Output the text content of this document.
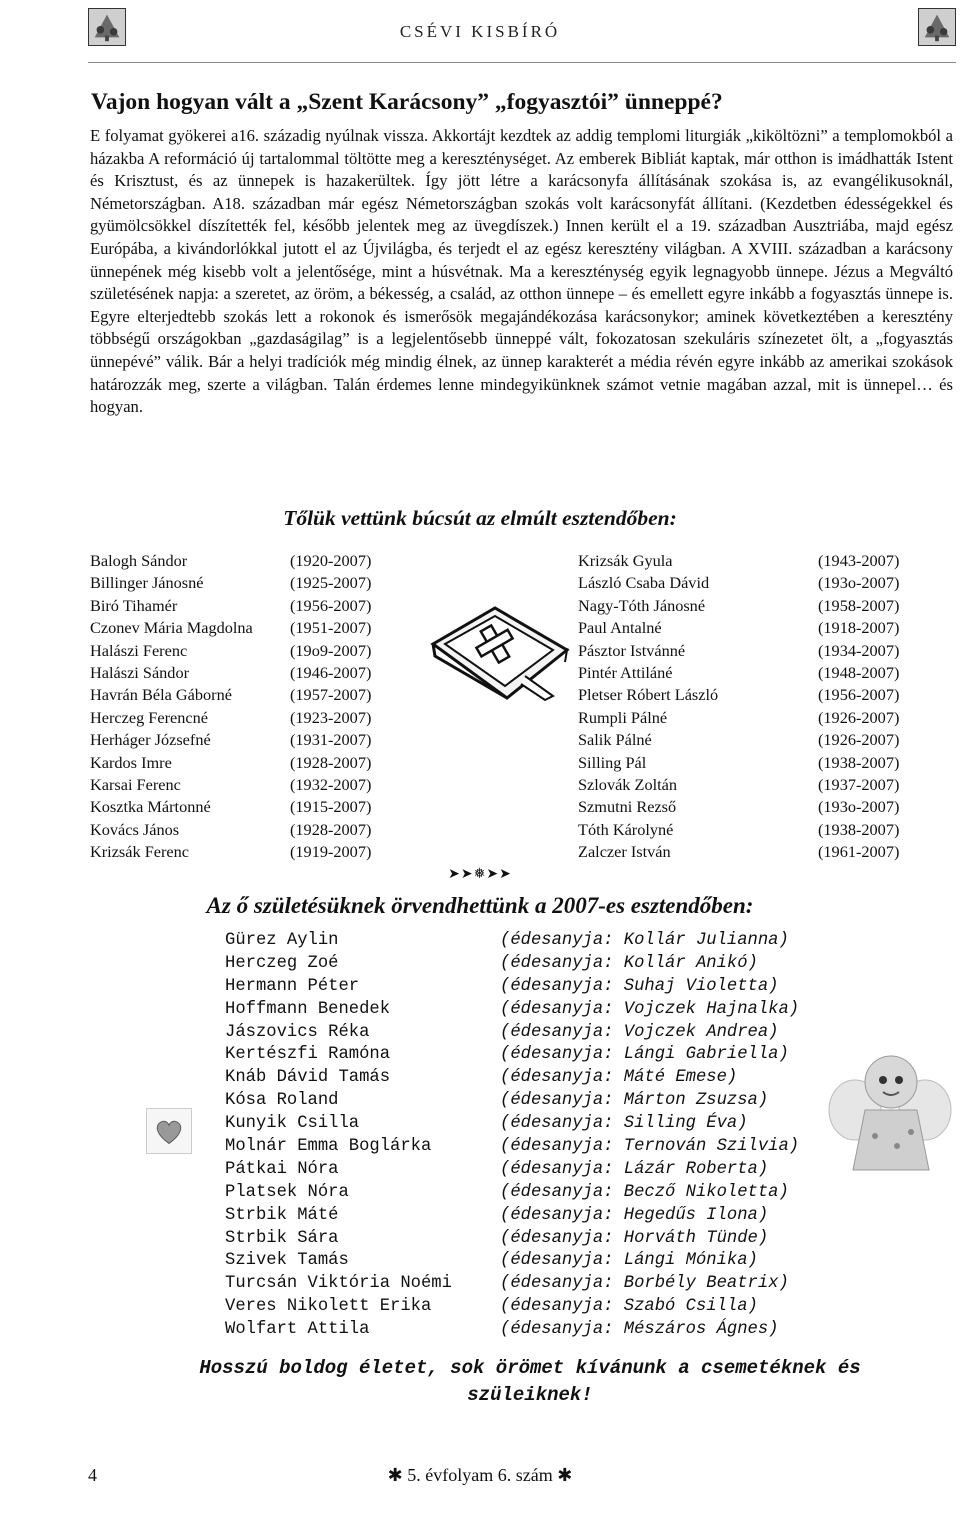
CSÉVI KISBÍRÓ
Vajon hogyan vált a „Szent Karácsony” „fogyasztói” ünneppé?

E folyamat gyökerei a16. századig nyúlnak vissza. Akkortájt kezdtek az addig templomi liturgiák „kiköltözni” a templomokból a házakba A reformáció új tartalommal töltötte meg a kereszténységet. Az emberek Bibliát kaptak, már otthon is imádhatták Istent és Krisztust, és az ünnepek is hazakerültek. Így jött létre a karácsonyfa állításának szokása is, az evangélikusoknál, Németországban. A18. században már egész Németországban szokás volt karácsonyfát állítani. (Kezdetben édességekkel és gyümölcsökkel díszítették fel, később jelentek meg az üvegdíszek.) Innen került el a 19. században Ausztriába, majd egész Európába, a kivándorlókkal jutott el az Újvilágba, és terjedt el az egész keresztény világban. A XVIII. században a karácsony ünnepének még kisebb volt a jelentősége, mint a húsvétnak. Ma a kereszténység egyik legnagyobb ünnepe. Jézus a Megváltó születésének napja: a szeretet, az öröm, a békesség, a család, az otthon ünnepe – és emellett egyre inkább a fogyasztás ünnepe is. Egyre elterjedtebb szokás lett a rokonok és ismerősök megajándékozása karácsonykor; aminek következtében a keresztény többségű országokban „gazdaságilag” is a legjelentősebb ünneppé vált, fokozatosan szekuláris színezetet ölt, a „fogyasztás ünnepévé” válik. Bár a helyi tradíciók még mindig élnek, az ünnep karakterét a média révén egyre inkább az amerikai szokások határozzák meg, szerte a világban. Talán érdemes lenne mindegyikünknek számot vetnie magában azzal, mit is ünnepel… és hogyan.

Tőlük vettünk búcsút az elmúlt esztendőben:
Balogh Sándor	(1920-2007)
Billinger Jánosné	(1925-2007)
Biró Tihamér	(1956-2007)
Czonev Mária Magdolna (1951-2007)
Halászi Ferenc	(19o9-2007)
Halászi Sándor	(1946-2007)
Havrán Béla Gáborné	(1957-2007)
Herczeg Ferencné	(1923-2007)
Herháger Józsefné	(1931-2007)
Kardos Imre	(1928-2007)
Karsai Ferenc	(1932-2007)
Kosztka Mártonné	(1915-2007)
Kovács János	(1928-2007)
Krizsák Ferenc	(1919-2007)
Krizsák Gyula	(1943-2007)
László Csaba Dávid	(193o-2007)
Nagy-Tóth Jánosné	(1958-2007)
Paul Antalné	(1918-2007)
Pásztor Istvánné	(1934-2007)
Pintér Attiláné	(1948-2007)
Pletser Róbert László	(1956-2007)
Rumpli Pálné	(1926-2007)
Salik Pálné	(1926-2007)
Silling Pál	(1938-2007)
Szlovák Zoltán	(1937-2007)
Szmutni Rezső	(193o-2007)
Tóth Károlyné	(1938-2007)
Zalczer István	(1961-2007)
➤➤❅➤➤
Az ő születésüknek örvendhettünk a 2007-es esztendőben:
Gürez Aylin	(édesanyja: Kollár Julianna)
Herczeg Zoé	(édesanyja: Kollár Anikó)
Hermann Péter	(édesanyja: Suhaj Violetta)
Hoffmann Benedek	(édesanyja: Vojczek Hajnalka)
Jászovics Réka	(édesanyja: Vojczek Andrea)
Kertészfi Ramóna	(édesanyja: Lángi Gabriella)
Knáb Dávid Tamás	(édesanyja: Máté Emese)
Kósa Roland	(édesanyja: Márton Zsuzsa)
Kunyik Csilla	(édesanyja: Silling Éva)
Molnár Emma Boglárka	(édesanyja: Ternován Szilvia)
Pátkai Nóra	(édesanyja: Lázár Roberta)
Platsek Nóra	(édesanyja: Becző Nikoletta)
Strbik Máté	(édesanyja: Hegedűs Ilona)
Strbik Sára	(édesanyja: Horváth Tünde)
Szivek Tamás	(édesanyja: Lángi Mónika)
Turcsán Viktória Noémi	(édesanyja: Borbély Beatrix)
Veres Nikolett Erika	(édesanyja: Szabó Csilla)
Wolfart Attila	(édesanyja: Mészáros Ágnes)

Hosszú boldog életet, sok örömet kívánunk a csemetéknek és szüleiknek!

4	✱ 5. évfolyam 6. szám ✱
